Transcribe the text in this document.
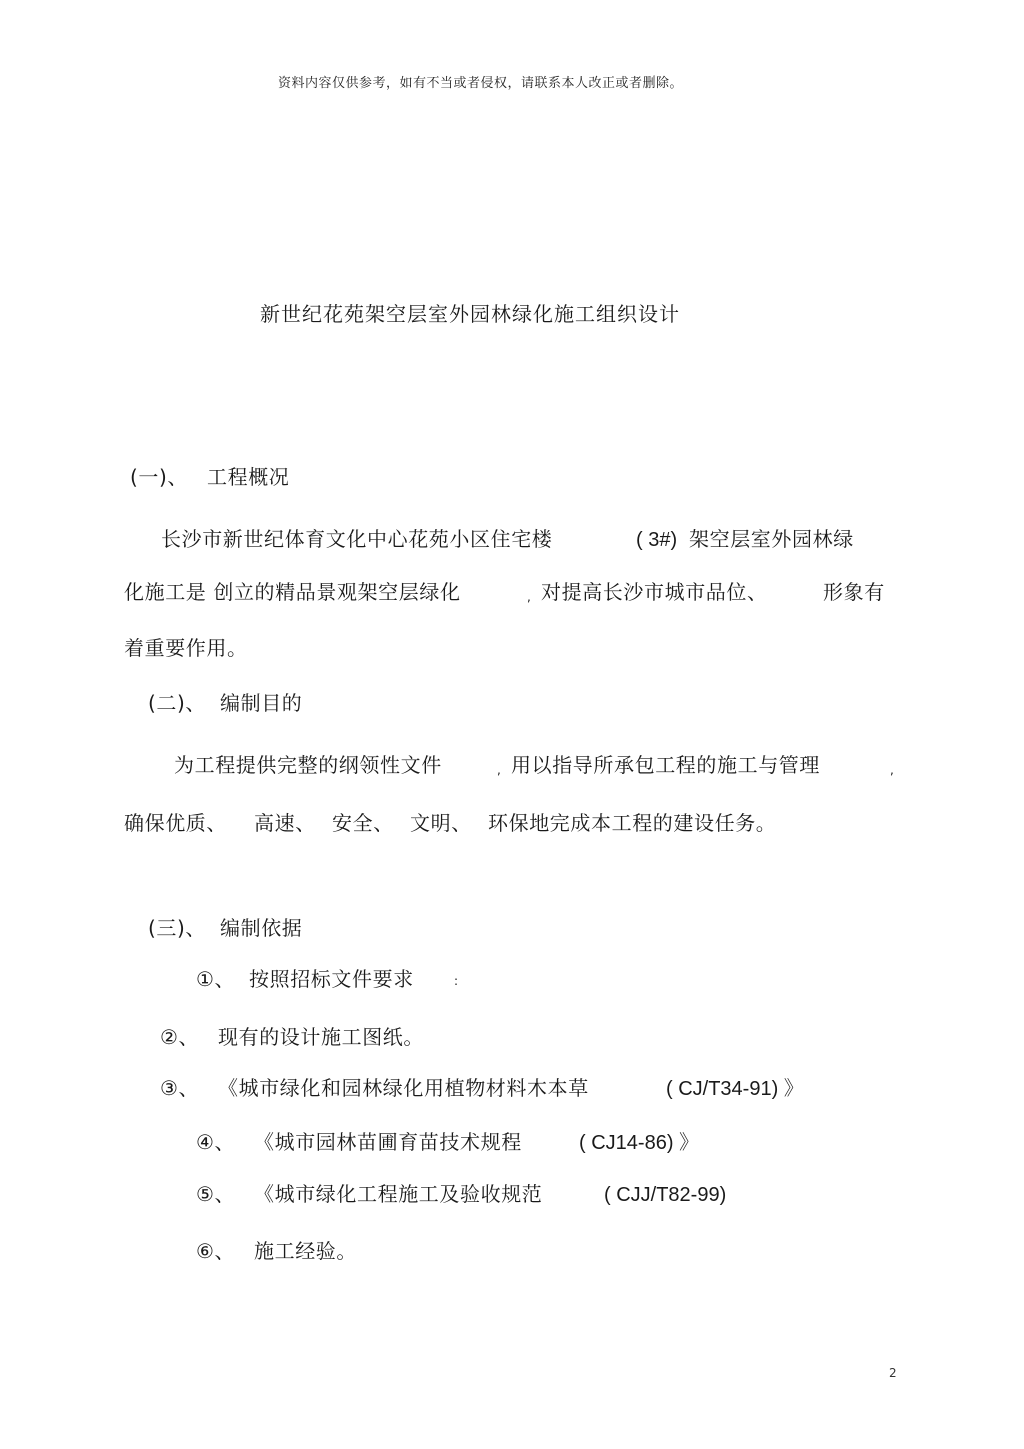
资料内容仅供参考，如有不当或者侵权，请联系本人改正或者删除。
新世纪花苑架空层室外园林绿化施工组织设计
(一)、 工程概况
长沙市新世纪体育文化中心花苑小区住宅楼	( 3#) 架空层室外园林绿
化施工是 创立的精品景观架空层绿化	, 对提高长沙市城市品位、	形象有
着重要作用。
(二)、 编制目的
为工程提供完整的纲领性文件	, 用以指导所承包工程的施工与管理	,
确保优质、 高速、 安全、 文明、 环保地完成本工程的建设任务。
(三)、 编制依据
①、 按照招标文件要求	:
②、 现有的设计施工图纸。
③、 《城市绿化和园林绿化用植物材料木本草	( CJ/T34-91) 》
④、 《城市园林苗圃育苗技术规程	( CJ14-86) 》
⑤、 《城市绿化工程施工及验收规范	( CJJ/T82-99)
⑥、 施工经验。
2
